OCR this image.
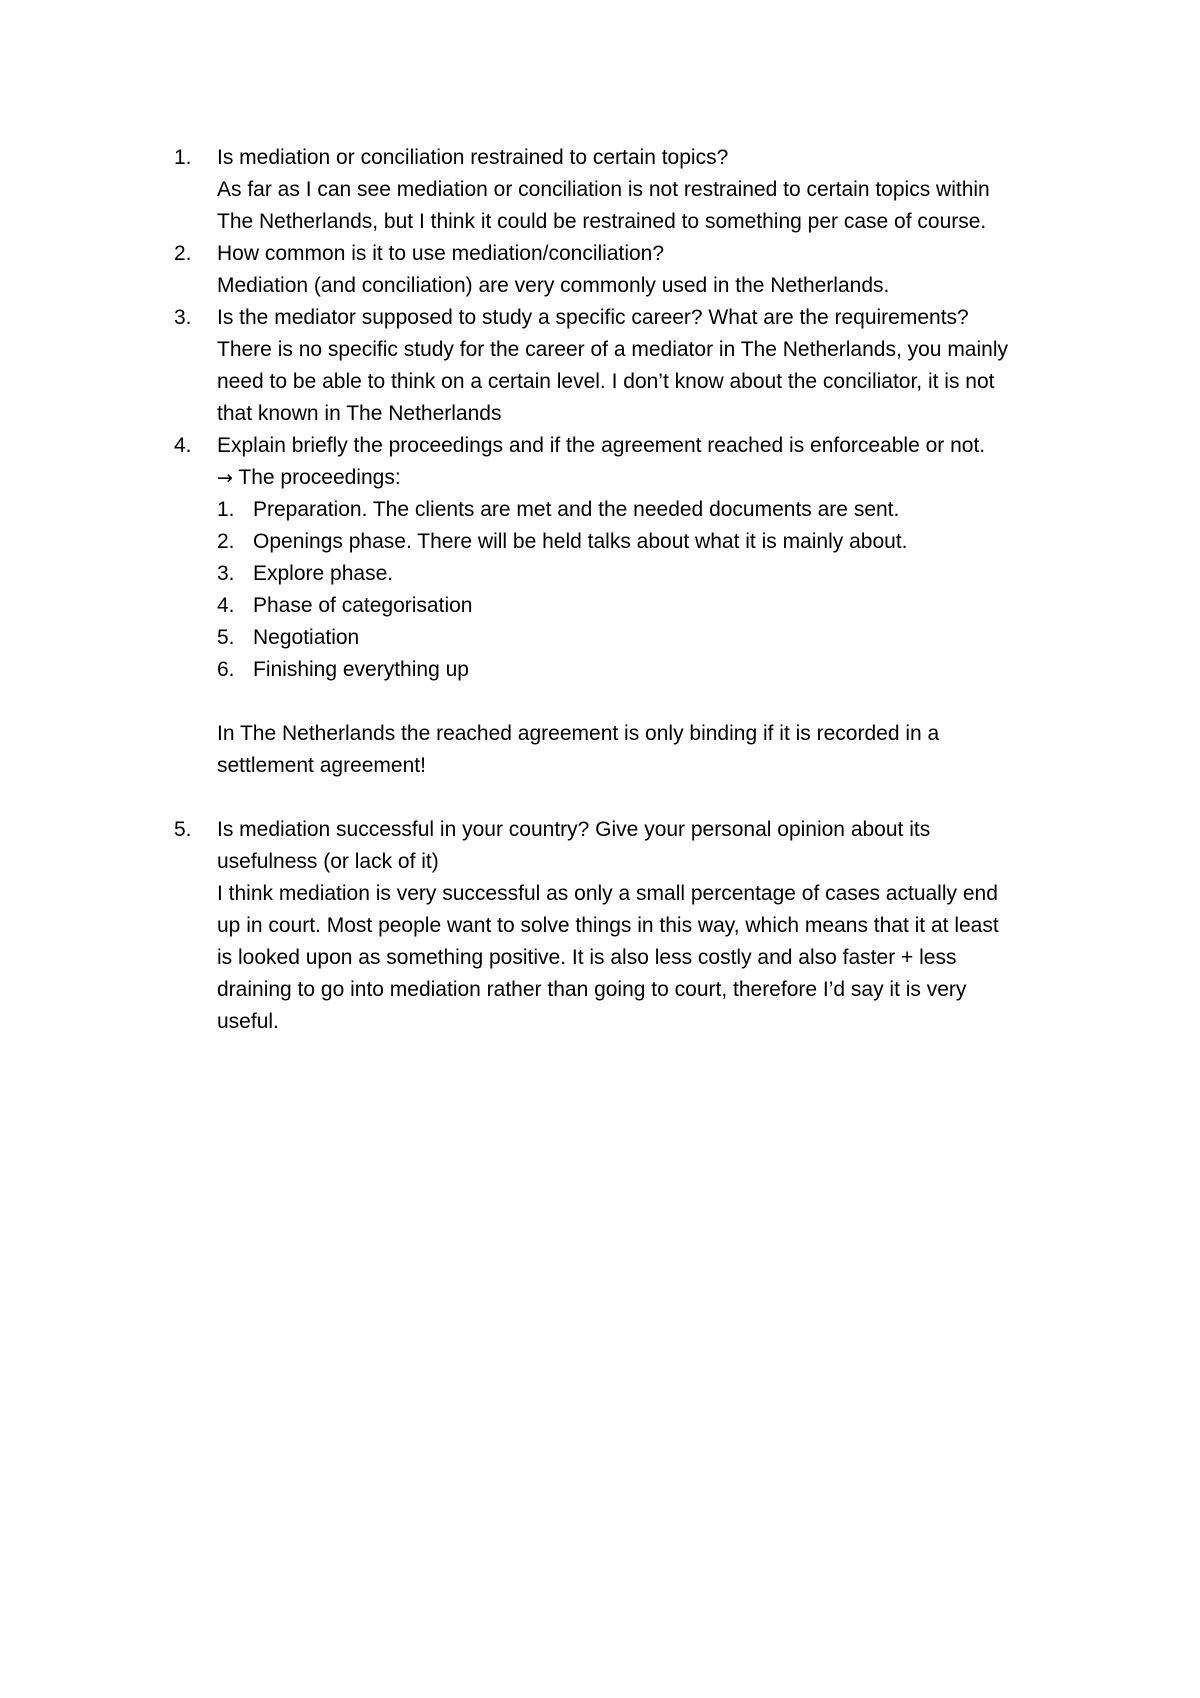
1. Is mediation or conciliation restrained to certain topics?
As far as I can see mediation or conciliation is not restrained to certain topics within
The Netherlands, but I think it could be restrained to something per case of course.
2. How common is it to use mediation/conciliation?
Mediation (and conciliation) are very commonly used in the Netherlands.
3. Is the mediator supposed to study a specific career? What are the requirements?
There is no specific study for the career of a mediator in The Netherlands, you mainly
need to be able to think on a certain level. I don’t know about the conciliator, it is not
that known in The Netherlands
4. Explain briefly the proceedings and if the agreement reached is enforceable or not.
→ The proceedings:
1. Preparation. The clients are met and the needed documents are sent.
2. Openings phase. There will be held talks about what it is mainly about.
3. Explore phase.
4. Phase of categorisation
5. Negotiation
6. Finishing everything up
In The Netherlands the reached agreement is only binding if it is recorded in a
settlement agreement!
5. Is mediation successful in your country? Give your personal opinion about its
usefulness (or lack of it)
I think mediation is very successful as only a small percentage of cases actually end
up in court. Most people want to solve things in this way, which means that it at least
is looked upon as something positive. It is also less costly and also faster + less
draining to go into mediation rather than going to court, therefore I’d say it is very
useful.
